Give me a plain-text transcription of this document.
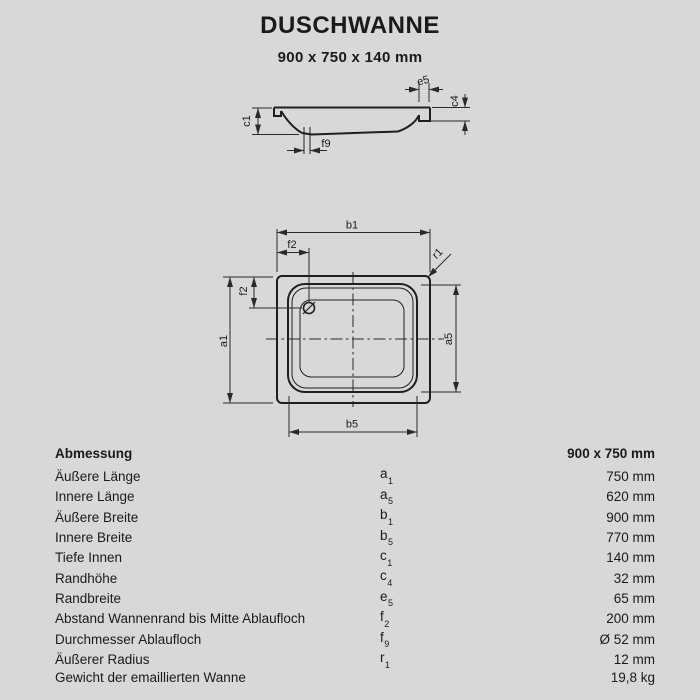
DUSCHWANNE
900 x 750 x 140 mm
c1
f9
e5
c4
b1
f2
f2
a1	a5
b5
r1
Abmessung	900 x 750 mm
Äußere Länge	$a_1$	750 mm
Innere Länge	$a_5$	620 mm
Äußere Breite	$b_1$	900 mm
Innere Breite	$b_5$	770 mm
Tiefe Innen	$c_1$	140 mm
Randhöhe	$c_4$	32 mm
Randbreite	$e_5$	65 mm
Abstand Wannenrand bis Mitte Ablaufloch	$f_2$	200 mm
Durchmesser Ablaufloch	$f_9$	Ø 52 mm
Äußerer Radius	$r_1$	12 mm
Gewicht der emaillierten Wanne	19,8 kg
